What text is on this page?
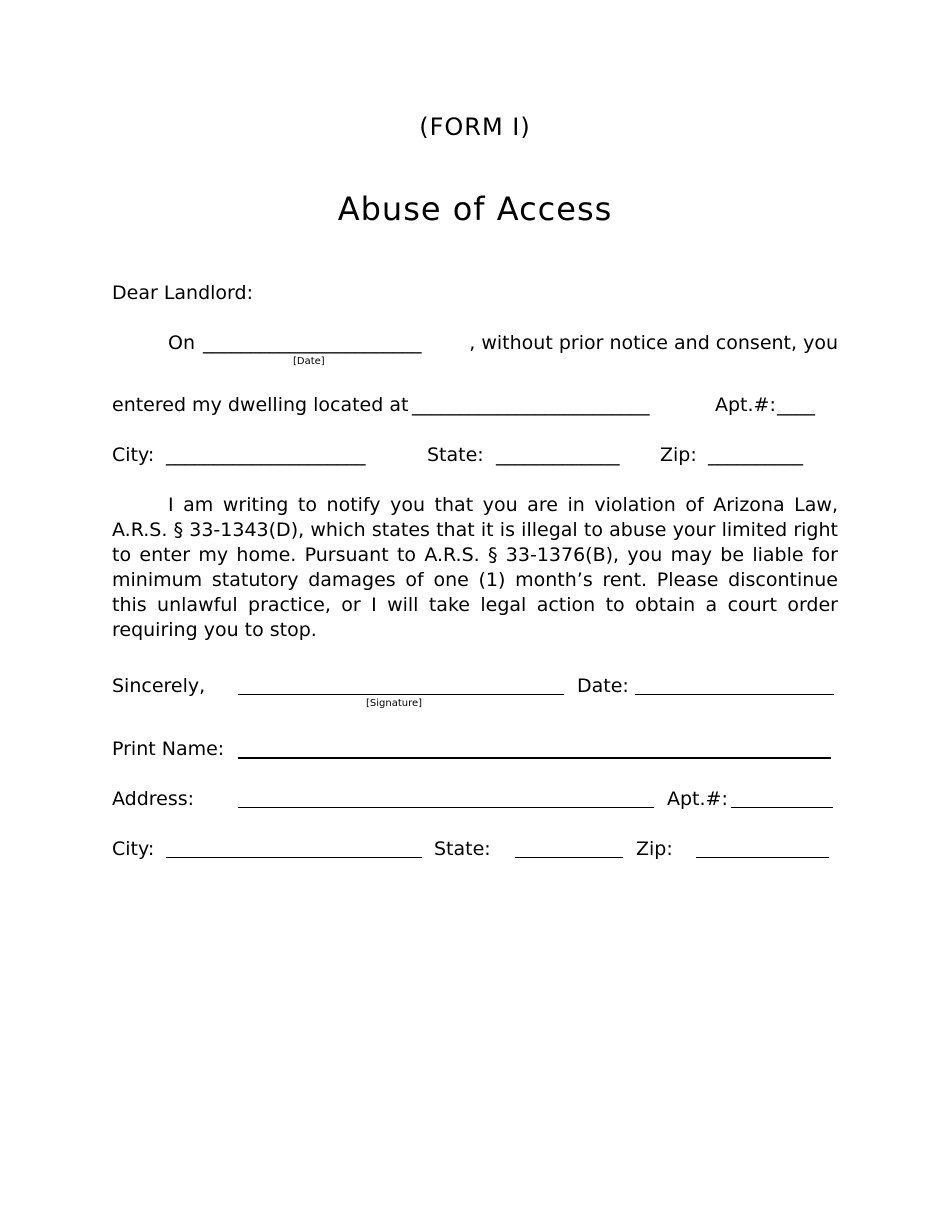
(FORM I)
Abuse of Access
Dear Landlord:
On _______________________	, without prior notice and consent, you
[Date]
entered my dwelling located at _________________________	Apt.#: ____
City: _____________________	State: _____________ Zip: __________
I am writing to notify you that you are in violation of Arizona Law, A.R.S. § 33-1343(D), which states that it is illegal to abuse your limited right to enter my home. Pursuant to A.R.S. § 33-1376(B), you may be liable for minimum statutory damages of one (1) month’s rent. Please discontinue this unlawful practice, or I will take legal action to obtain a court order requiring you to stop.
Sincerely,
[Signature]
Date:
Print Name:
Address:	Apt.#:
City:	State:	Zip:
